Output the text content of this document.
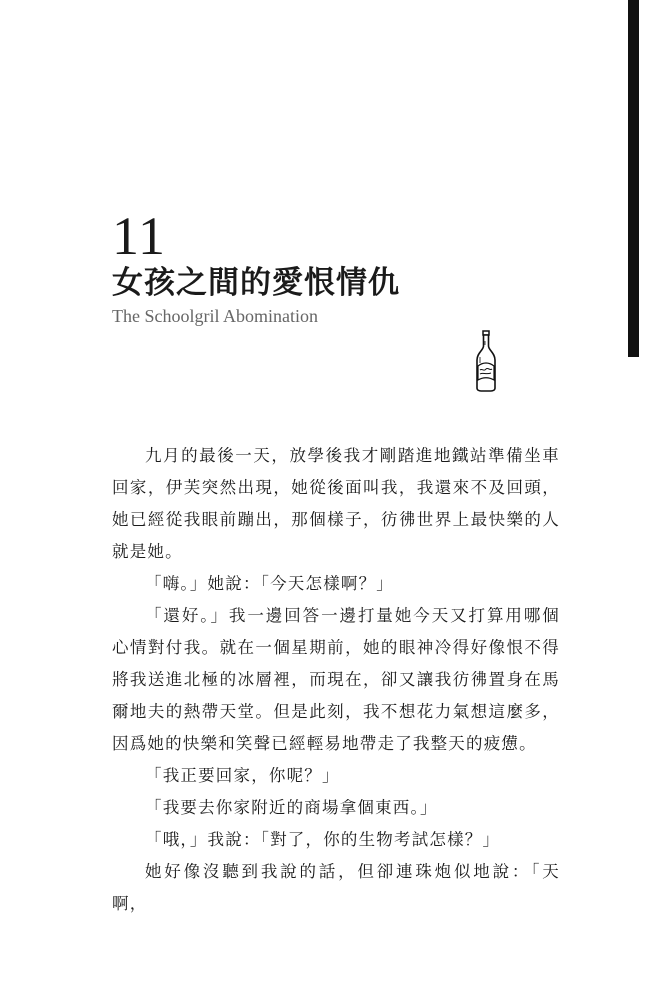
11
女孩之間的愛恨情仇
The Schoolgril Abomination

九月的最後一天，放學後我才剛踏進地鐵站準備坐車回家，伊芙突然出現，她從後面叫我，我還來不及回頭，她已經從我眼前蹦出，那個樣子，彷彿世界上最快樂的人就是她。

「嗨。」她說：「今天怎樣啊？」

「還好。」我一邊回答一邊打量她今天又打算用哪個心情對付我。就在一個星期前，她的眼神冷得好像恨不得將我送進北極的冰層裡，而現在，卻又讓我彷彿置身在馬爾地夫的熱帶天堂。但是此刻，我不想花力氣想這麼多，因爲她的快樂和笑聲已經輕易地帶走了我整天的疲憊。

「我正要回家，你呢？」

「我要去你家附近的商場拿個東西。」

「哦，」我說：「對了，你的生物考試怎樣？」

她好像沒聽到我說的話，但卻連珠炮似地說：「天啊，
